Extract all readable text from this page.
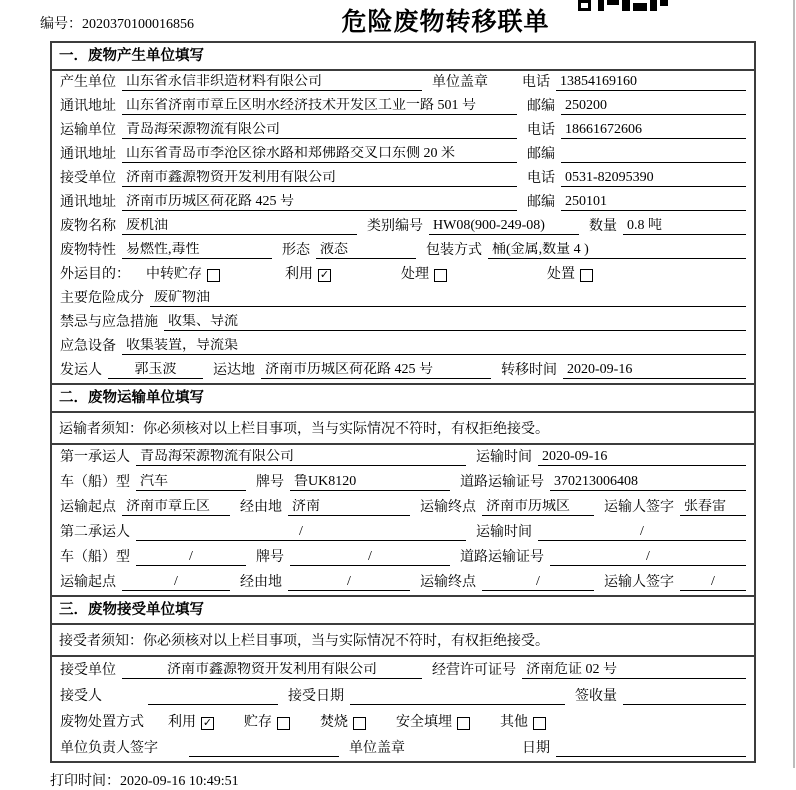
编号：2020370100016856	危险废物转移联单
一．废物产生单位填写
产生单位 山东省永信非织造材料有限公司	单位盖章 电话 13854169160
通讯地址 山东省济南市章丘区明水经济技术开发区工业一路 501 号	邮编 250200
运输单位 青岛海荣源物流有限公司	电话 18661672606
通讯地址 山东省青岛市李沧区徐水路和郑佛路交叉口东侧 20 米	邮编
接受单位 济南市鑫源物资开发利用有限公司	电话 0531-82095390
通讯地址 济南市历城区荷花路 425 号	邮编 250101
废物名称 废机油	类别编号 HW08(900-249-08)	数量 0.8 吨
废物特性 易燃性,毒性	形态 液态	包装方式 桶(金属,数量 4 )
外运目的： 中转贮存	利用 ✓	处理	处置
主要危险成分 废矿物油
禁忌与应急措施 收集、导流
应急设备 收集装置，导流渠
发运人	郭玉波	运达地 济南市历城区荷花路 425 号	转移时间 2020-09-16
二．废物运输单位填写
运输者须知：你必须核对以上栏目事项，当与实际情况不符时，有权拒绝接受。
第一承运人 青岛海荣源物流有限公司	运输时间 2020-09-16
车（船）型 汽车	牌号 鲁UK8120	道路运输证号 370213006408
运输起点 济南市章丘区	经由地 济南	运输终点 济南市历城区	运输人签字 张春雷
第二承运人	/	运输时间	/
车（船）型	/	牌号	/	道路运输证号	/
运输起点	/	经由地	/	运输终点	/	运输人签字	/
三．废物接受单位填写
接受者须知：你必须核对以上栏目事项，当与实际情况不符时，有权拒绝接受。
接受单位	济南市鑫源物资开发利用有限公司	经营许可证号 济南危证 02 号
接受人	接受日期	签收量
废物处置方式 利用 ✓ 贮存	焚烧	安全填埋	其他
单位负责人签字	单位盖章	日期
打印时间：2020-09-16 10:49:51
